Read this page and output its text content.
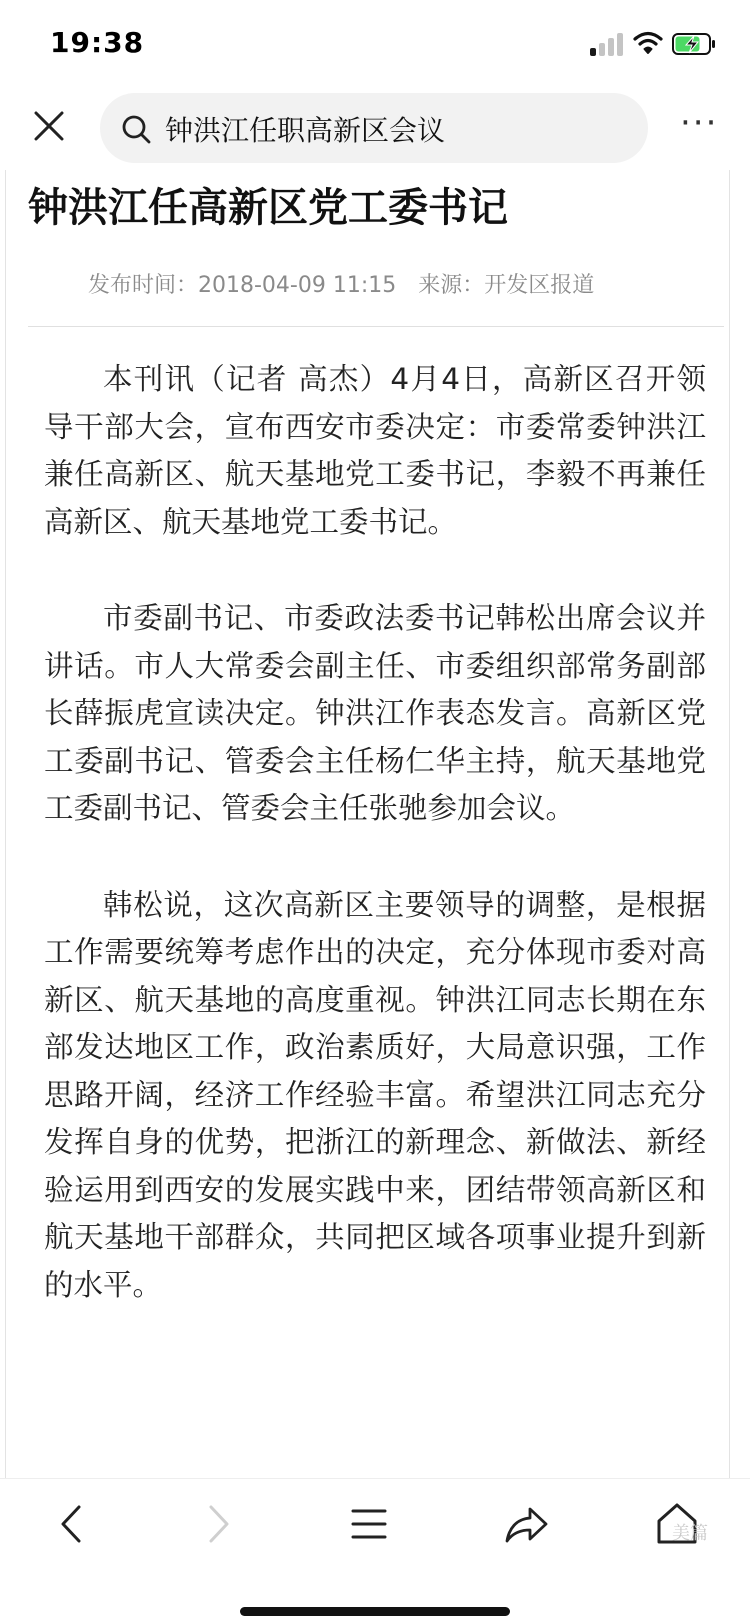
19:38
钟洪江任职高新区会议	···
钟洪江任高新区党工委书记
发布时间：2018-04-09 11:15 来源：开发区报道

本刊讯（记者 高杰）4月4日，高新区召开领导干部大会，宣布西安市委决定：市委常委钟洪江兼任高新区、航天基地党工委书记，李毅不再兼任高新区、航天基地党工委书记。

市委副书记、市委政法委书记韩松出席会议并讲话。市人大常委会副主任、市委组织部常务副部长薛振虎宣读决定。钟洪江作表态发言。高新区党工委副书记、管委会主任杨仁华主持，航天基地党工委副书记、管委会主任张驰参加会议。

韩松说，这次高新区主要领导的调整，是根据工作需要统筹考虑作出的决定，充分体现市委对高新区、航天基地的高度重视。钟洪江同志长期在东部发达地区工作，政治素质好，大局意识强，工作思路开阔，经济工作经验丰富。希望洪江同志充分发挥自身的优势，把浙江的新理念、新做法、新经验运用到西安的发展实践中来，团结带领高新区和航天基地干部群众，共同把区域各项事业提升到新的水平。

美篇
